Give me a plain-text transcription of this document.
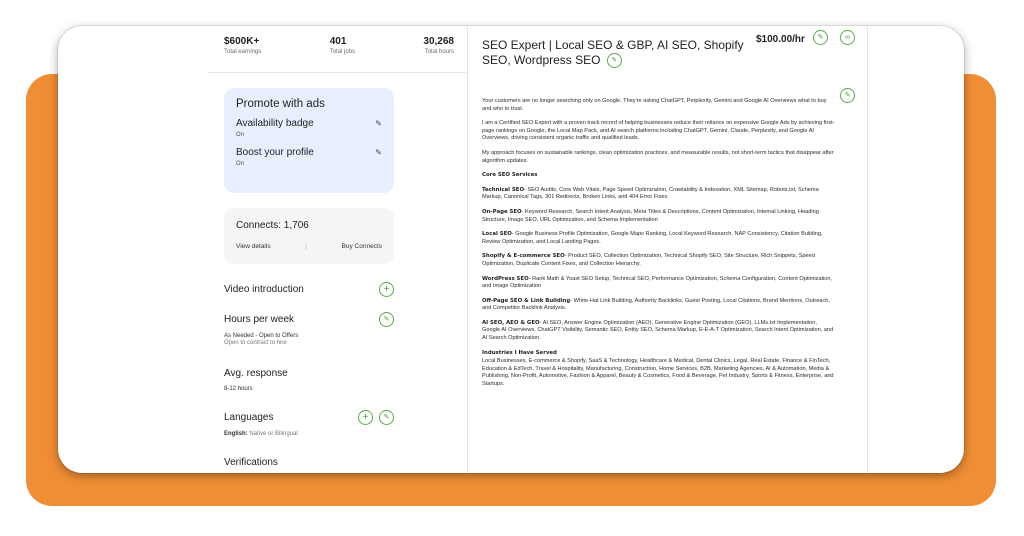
$600K+
Total earnings
401
Total jobs
30,268
Total hours
Promote with ads
Availability badge	✎
On
Boost your profile	✎
On
Connects: 1,706
View details	|	Buy Connects
Video introduction	+
Hours per week	✎
As Needed - Open to Offers
Open to contract to hire
Avg. response
8-12 hours
Languages	+	✎
English: Native or Bilingual
Verifications
SEO Expert | Local SEO & GBP, AI SEO, Shopify SEO, Wordpress SEO ✎
$100.00/hr	✎	∞
✎

Your customers are no longer searching only on Google. They're asking ChatGPT, Perplexity, Gemini and Google AI Overviews what to buy and who to trust.

I am a Certified SEO Expert with a proven track record of helping businesses reduce their reliance on expensive Google Ads by achieving first-page rankings on Google, the Local Map Pack, and AI search platforms including ChatGPT, Gemini, Claude, Perplexity, and Google AI Overviews, driving consistent organic traffic and qualified leads.

My approach focuses on sustainable rankings, clean optimization practices, and measurable results, not short-term tactics that disappear after algorithm updates.

Core SEO Services

Technical SEO- SEO Audits, Core Web Vitals, Page Speed Optimization, Crawlability & Indexation, XML Sitemap, Robots.txt, Schema Markup, Canonical Tags, 301 Redirects, Broken Links, and 404 Error Fixes.

On-Page SEO- Keyword Research, Search Intent Analysis, Meta Titles & Descriptions, Content Optimization, Internal Linking, Heading Structure, Image SEO, URL Optimization, and Schema Implementation

Local SEO- Google Business Profile Optimization, Google Maps Ranking, Local Keyword Research, NAP Consistency, Citation Building, Review Optimization, and Local Landing Pages.

Shopify & E-commerce SEO- Product SEO, Collection Optimization, Technical Shopify SEO, Site Structure, Rich Snippets, Speed Optimization, Duplicate Content Fixes, and Collection Hierarchy.

WordPress SEO- Rank Math & Yoast SEO Setup, Technical SEO, Performance Optimization, Schema Configuration, Content Optimization, and Image Optimization

Off-Page SEO & Link Building- White-Hat Link Building, Authority Backlinks, Guest Posting, Local Citations, Brand Mentions, Outreach, and Competitor Backlink Analysis.

AI SEO, AEO & GEO- AI SEO, Answer Engine Optimization (AEO), Generative Engine Optimization (GEO), LLMs.txt Implementation, Google AI Overviews, ChatGPT Visibility, Semantic SEO, Entity SEO, Schema Markup, E-E-A-T Optimization, Search Intent Optimization, and AI Search Optimization.

Industries I Have Served

Local Businesses, E-commerce & Shopify, SaaS & Technology, Healthcare & Medical, Dental Clinics, Legal, Real Estate, Finance & FinTech, Education & EdTech, Travel & Hospitality, Manufacturing, Construction, Home Services, B2B, Marketing Agencies, AI & Automation, Media & Publishing, Non-Profit, Automotive, Fashion & Apparel, Beauty & Cosmetics, Food & Beverage, Pet Industry, Sports & Fitness, Enterprise, and Startups.
